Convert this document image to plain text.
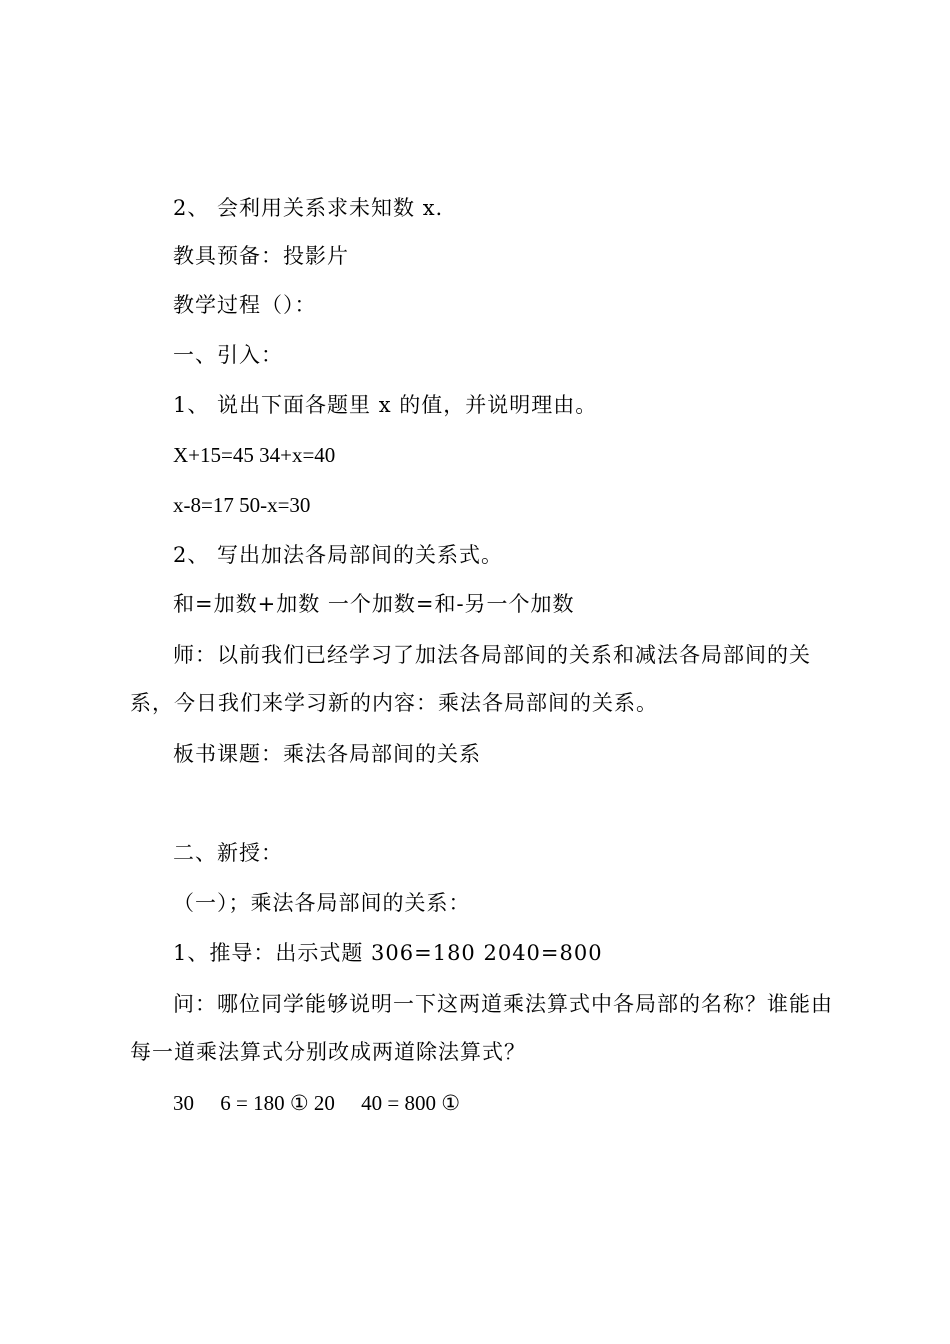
2、 会利用关系求未知数 x.
教具预备：投影片
教学过程（）：
一、引入：
1、 说出下面各题里 x 的值，并说明理由。
X+15=45 34+x=40
x-8=17 50-x=30
2、 写出加法各局部间的关系式。
和=加数+加数 一个加数=和-另一个加数
师：以前我们已经学习了加法各局部间的关系和减法各局部间的关系，今日我们来学习新的内容：乘法各局部间的关系。
板书课题：乘法各局部间的关系
二、新授：
（一）；乘法各局部间的关系：
1、推导：出示式题 306=180 2040=800
问：哪位同学能够说明一下这两道乘法算式中各局部的名称？谁能由每一道乘法算式分别改成两道除法算式？
30     6 = 180 ① 20     40 = 800 ①
